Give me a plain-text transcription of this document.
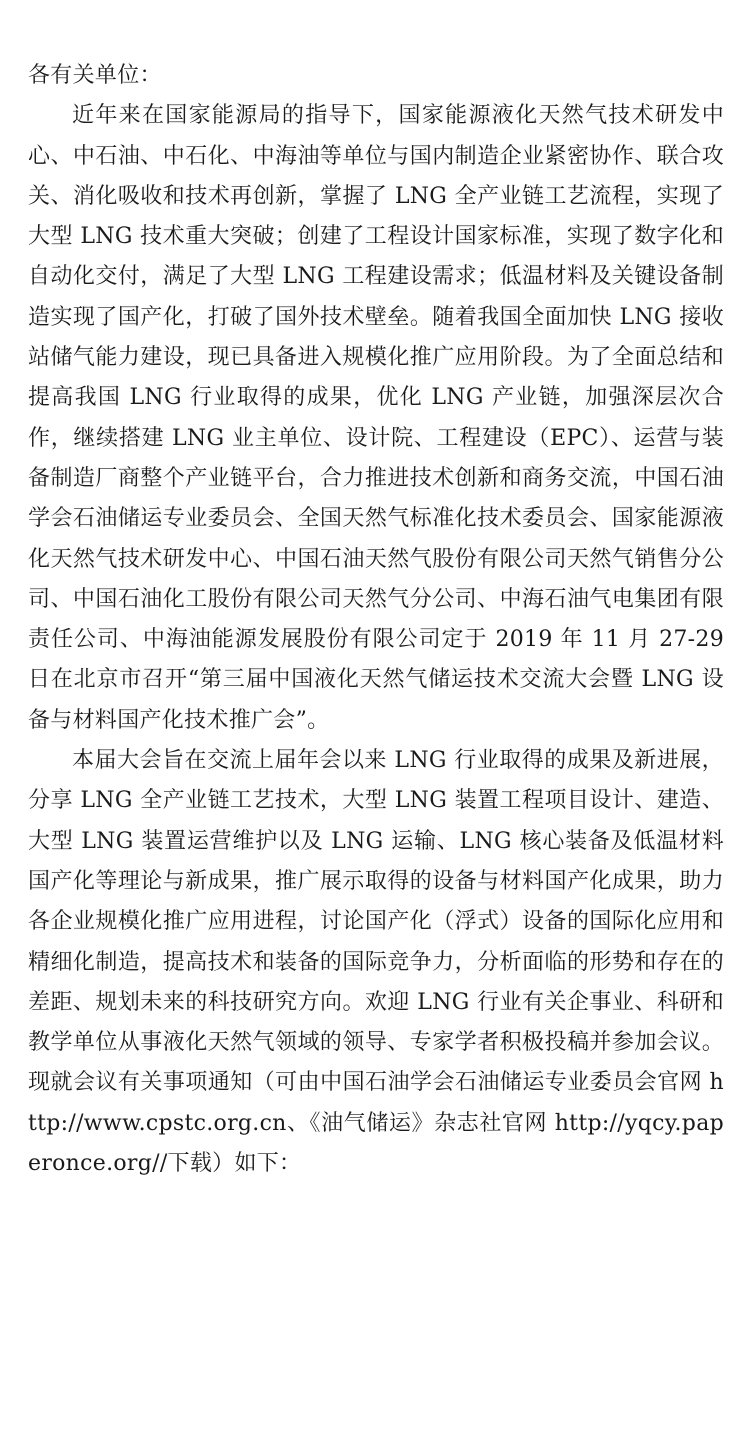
各有关单位：

近年来在国家能源局的指导下，国家能源液化天然气技术研发中心、中石油、中石化、中海油等单位与国内制造企业紧密协作、联合攻关、消化吸收和技术再创新，掌握了 LNG 全产业链工艺流程，实现了大型 LNG 技术重大突破；创建了工程设计国家标准，实现了数字化和自动化交付，满足了大型 LNG 工程建设需求；低温材料及关键设备制造实现了国产化，打破了国外技术壁垒。随着我国全面加快 LNG 接收站储气能力建设，现已具备进入规模化推广应用阶段。为了全面总结和提高我国 LNG 行业取得的成果，优化 LNG 产业链，加强深层次合作，继续搭建 LNG 业主单位、设计院、工程建设（EPC）、运营与装备制造厂商整个产业链平台，合力推进技术创新和商务交流，中国石油学会石油储运专业委员会、全国天然气标准化技术委员会、国家能源液化天然气技术研发中心、中国石油天然气股份有限公司天然气销售分公司、中国石油化工股份有限公司天然气分公司、中海石油气电集团有限责任公司、中海油能源发展股份有限公司定于 2019 年 11 月 27-29 日在北京市召开“第三届中国液化天然气储运技术交流大会暨 LNG 设备与材料国产化技术推广会”。

本届大会旨在交流上届年会以来 LNG 行业取得的成果及新进展，分享 LNG 全产业链工艺技术，大型 LNG 装置工程项目设计、建造、大型 LNG 装置运营维护以及 LNG 运输、LNG 核心装备及低温材料国产化等理论与新成果，推广展示取得的设备与材料国产化成果，助力各企业规模化推广应用进程，讨论国产化（浮式）设备的国际化应用和精细化制造，提高技术和装备的国际竞争力，分析面临的形势和存在的差距、规划未来的科技研究方向。欢迎 LNG 行业有关企事业、科研和教学单位从事液化天然气领域的领导、专家学者积极投稿并参加会议。现就会议有关事项通知（可由中国石油学会石油储运专业委员会官网 http://www.cpstc.org.cn、《油气储运》杂志社官网 http://yqcy.paperonce.org//下载）如下：
